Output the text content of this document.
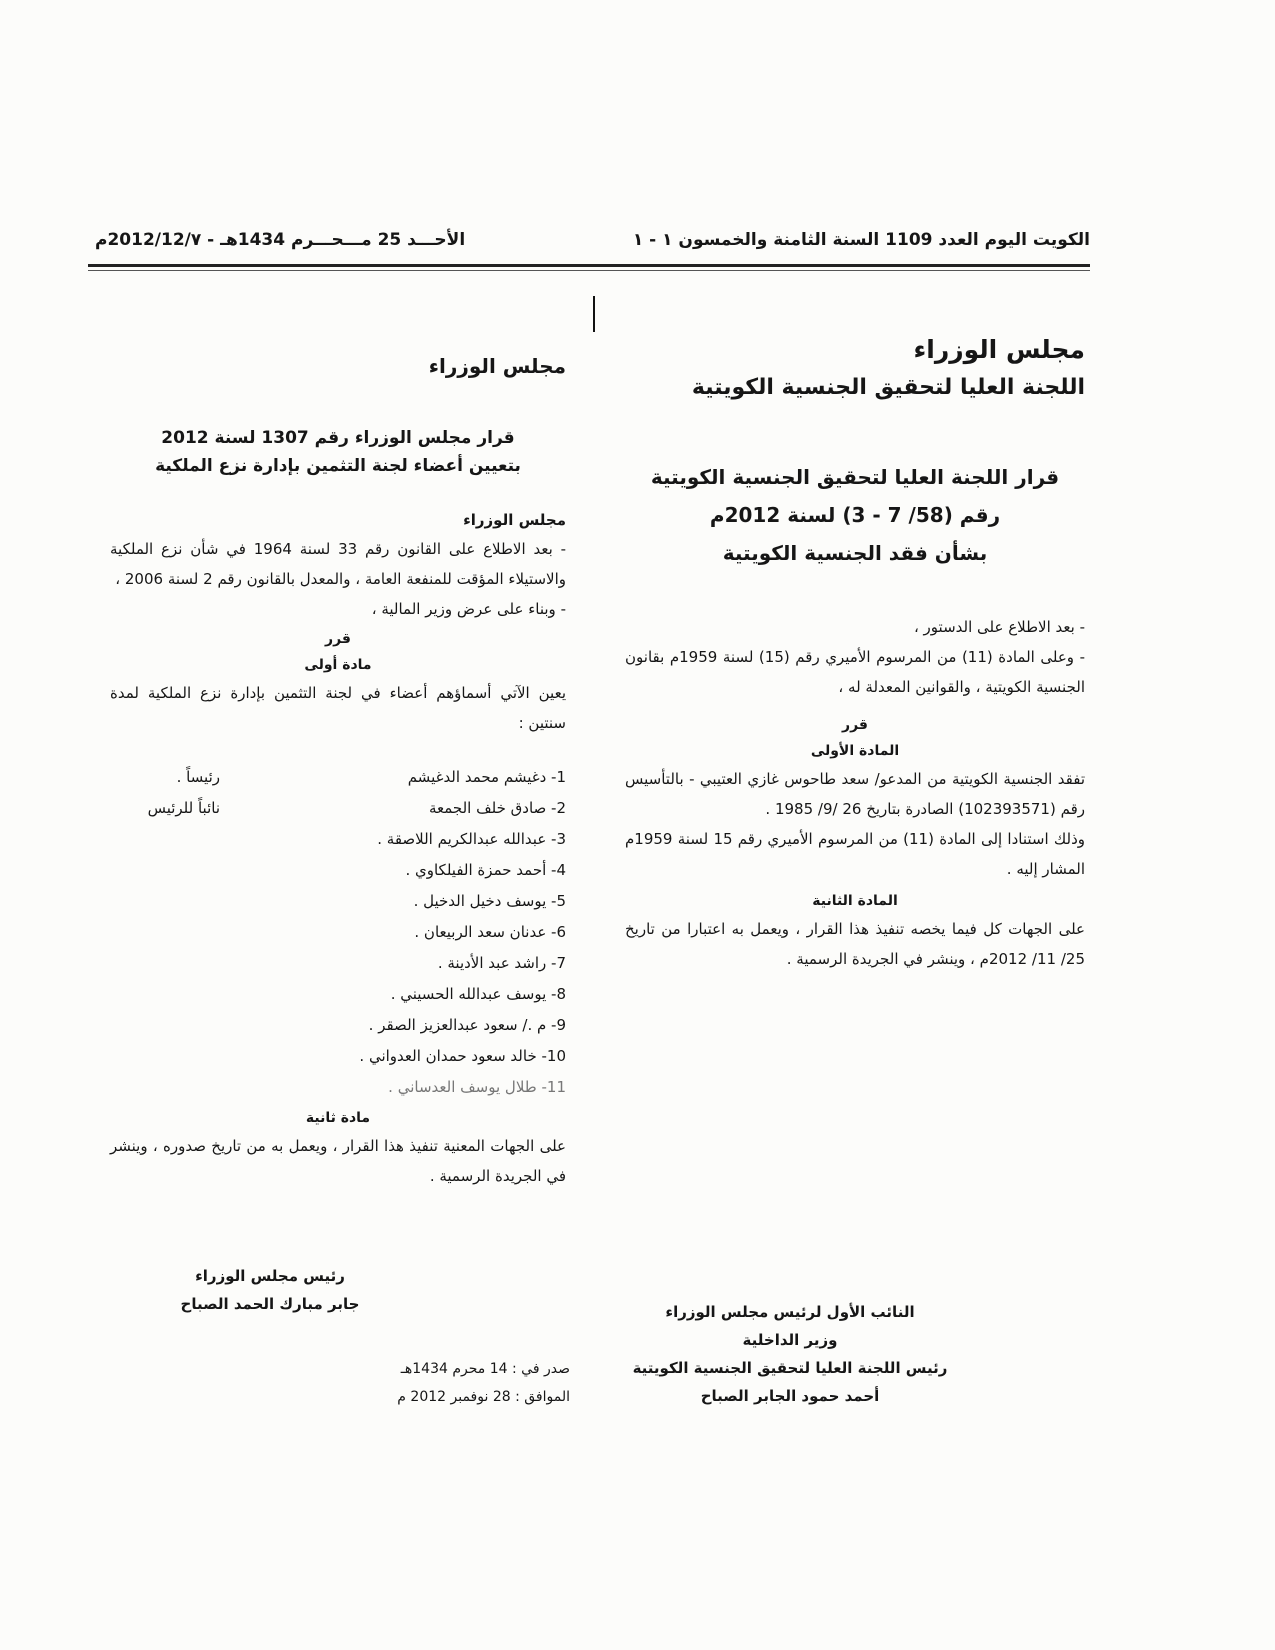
الكويت اليوم العدد 1109 السنة الثامنة والخمسون ١ - ١
الأحـــد 25 مـــحـــرم 1434هـ - 2012/12/٧م
مجلس الوزراء
اللجنة العليا لتحقيق الجنسية الكويتية
قرار اللجنة العليا لتحقيق الجنسية الكويتية
رقم (58/ 7 - 3) لسنة 2012م
بشأن فقد الجنسية الكويتية

- بعد الاطلاع على الدستور ،

- وعلى المادة (11) من المرسوم الأميري رقم (15) لسنة 1959م بقانون الجنسية الكويتية ، والقوانين المعدلة له ،

قرر
المادة الأولى

تفقد الجنسية الكويتية من المدعو/ سعد طاحوس غازي العتيبي - بالتأسيس رقم (102393571) الصادرة بتاريخ 26 /9/ 1985 .

وذلك استنادا إلى المادة (11) من المرسوم الأميري رقم 15 لسنة 1959م المشار إليه .

المادة الثانية

على الجهات كل فيما يخصه تنفيذ هذا القرار ، ويعمل به اعتبارا من تاريخ 25/ 11/ 2012م ، وينشر في الجريدة الرسمية .

النائب الأول لرئيس مجلس الوزراء
وزير الداخلية
رئيس اللجنة العليا لتحقيق الجنسية الكويتية
أحمد حمود الجابر الصباح
مجلس الوزراء
قرار مجلس الوزراء رقم 1307 لسنة 2012
بتعيين أعضاء لجنة التثمين بإدارة نزع الملكية
مجلس الوزراء

- بعد الاطلاع على القانون رقم 33 لسنة 1964 في شأن نزع الملكية والاستيلاء المؤقت للمنفعة العامة ، والمعدل بالقانون رقم 2 لسنة 2006 ،

- وبناء على عرض وزير المالية ،

قرر
مادة أولى

يعين الآتي أسماؤهم أعضاء في لجنة التثمين بإدارة نزع الملكية لمدة سنتين :

1- دغيشم محمد الدغيشم
رئيساً .
2- صادق خلف الجمعة
نائباً للرئيس
3- عبدالله عبدالكريم اللاصقة .
4- أحمد حمزة الفيلكاوي .
5- يوسف دخيل الدخيل .
6- عدنان سعد الربيعان .
7- راشد عبد الأدينة .
8- يوسف عبدالله الحسيني .
9- م ./ سعود عبدالعزيز الصقر .
10- خالد سعود حمدان العدواني .
11- طلال يوسف العدساني .
مادة ثانية

على الجهات المعنية تنفيذ هذا القرار ، ويعمل به من تاريخ صدوره ، وينشر في الجريدة الرسمية .

رئيس مجلس الوزراء
جابر مبارك الحمد الصباح
صدر في : 14 محرم 1434هـ
الموافق : 28 نوفمبر 2012 م
